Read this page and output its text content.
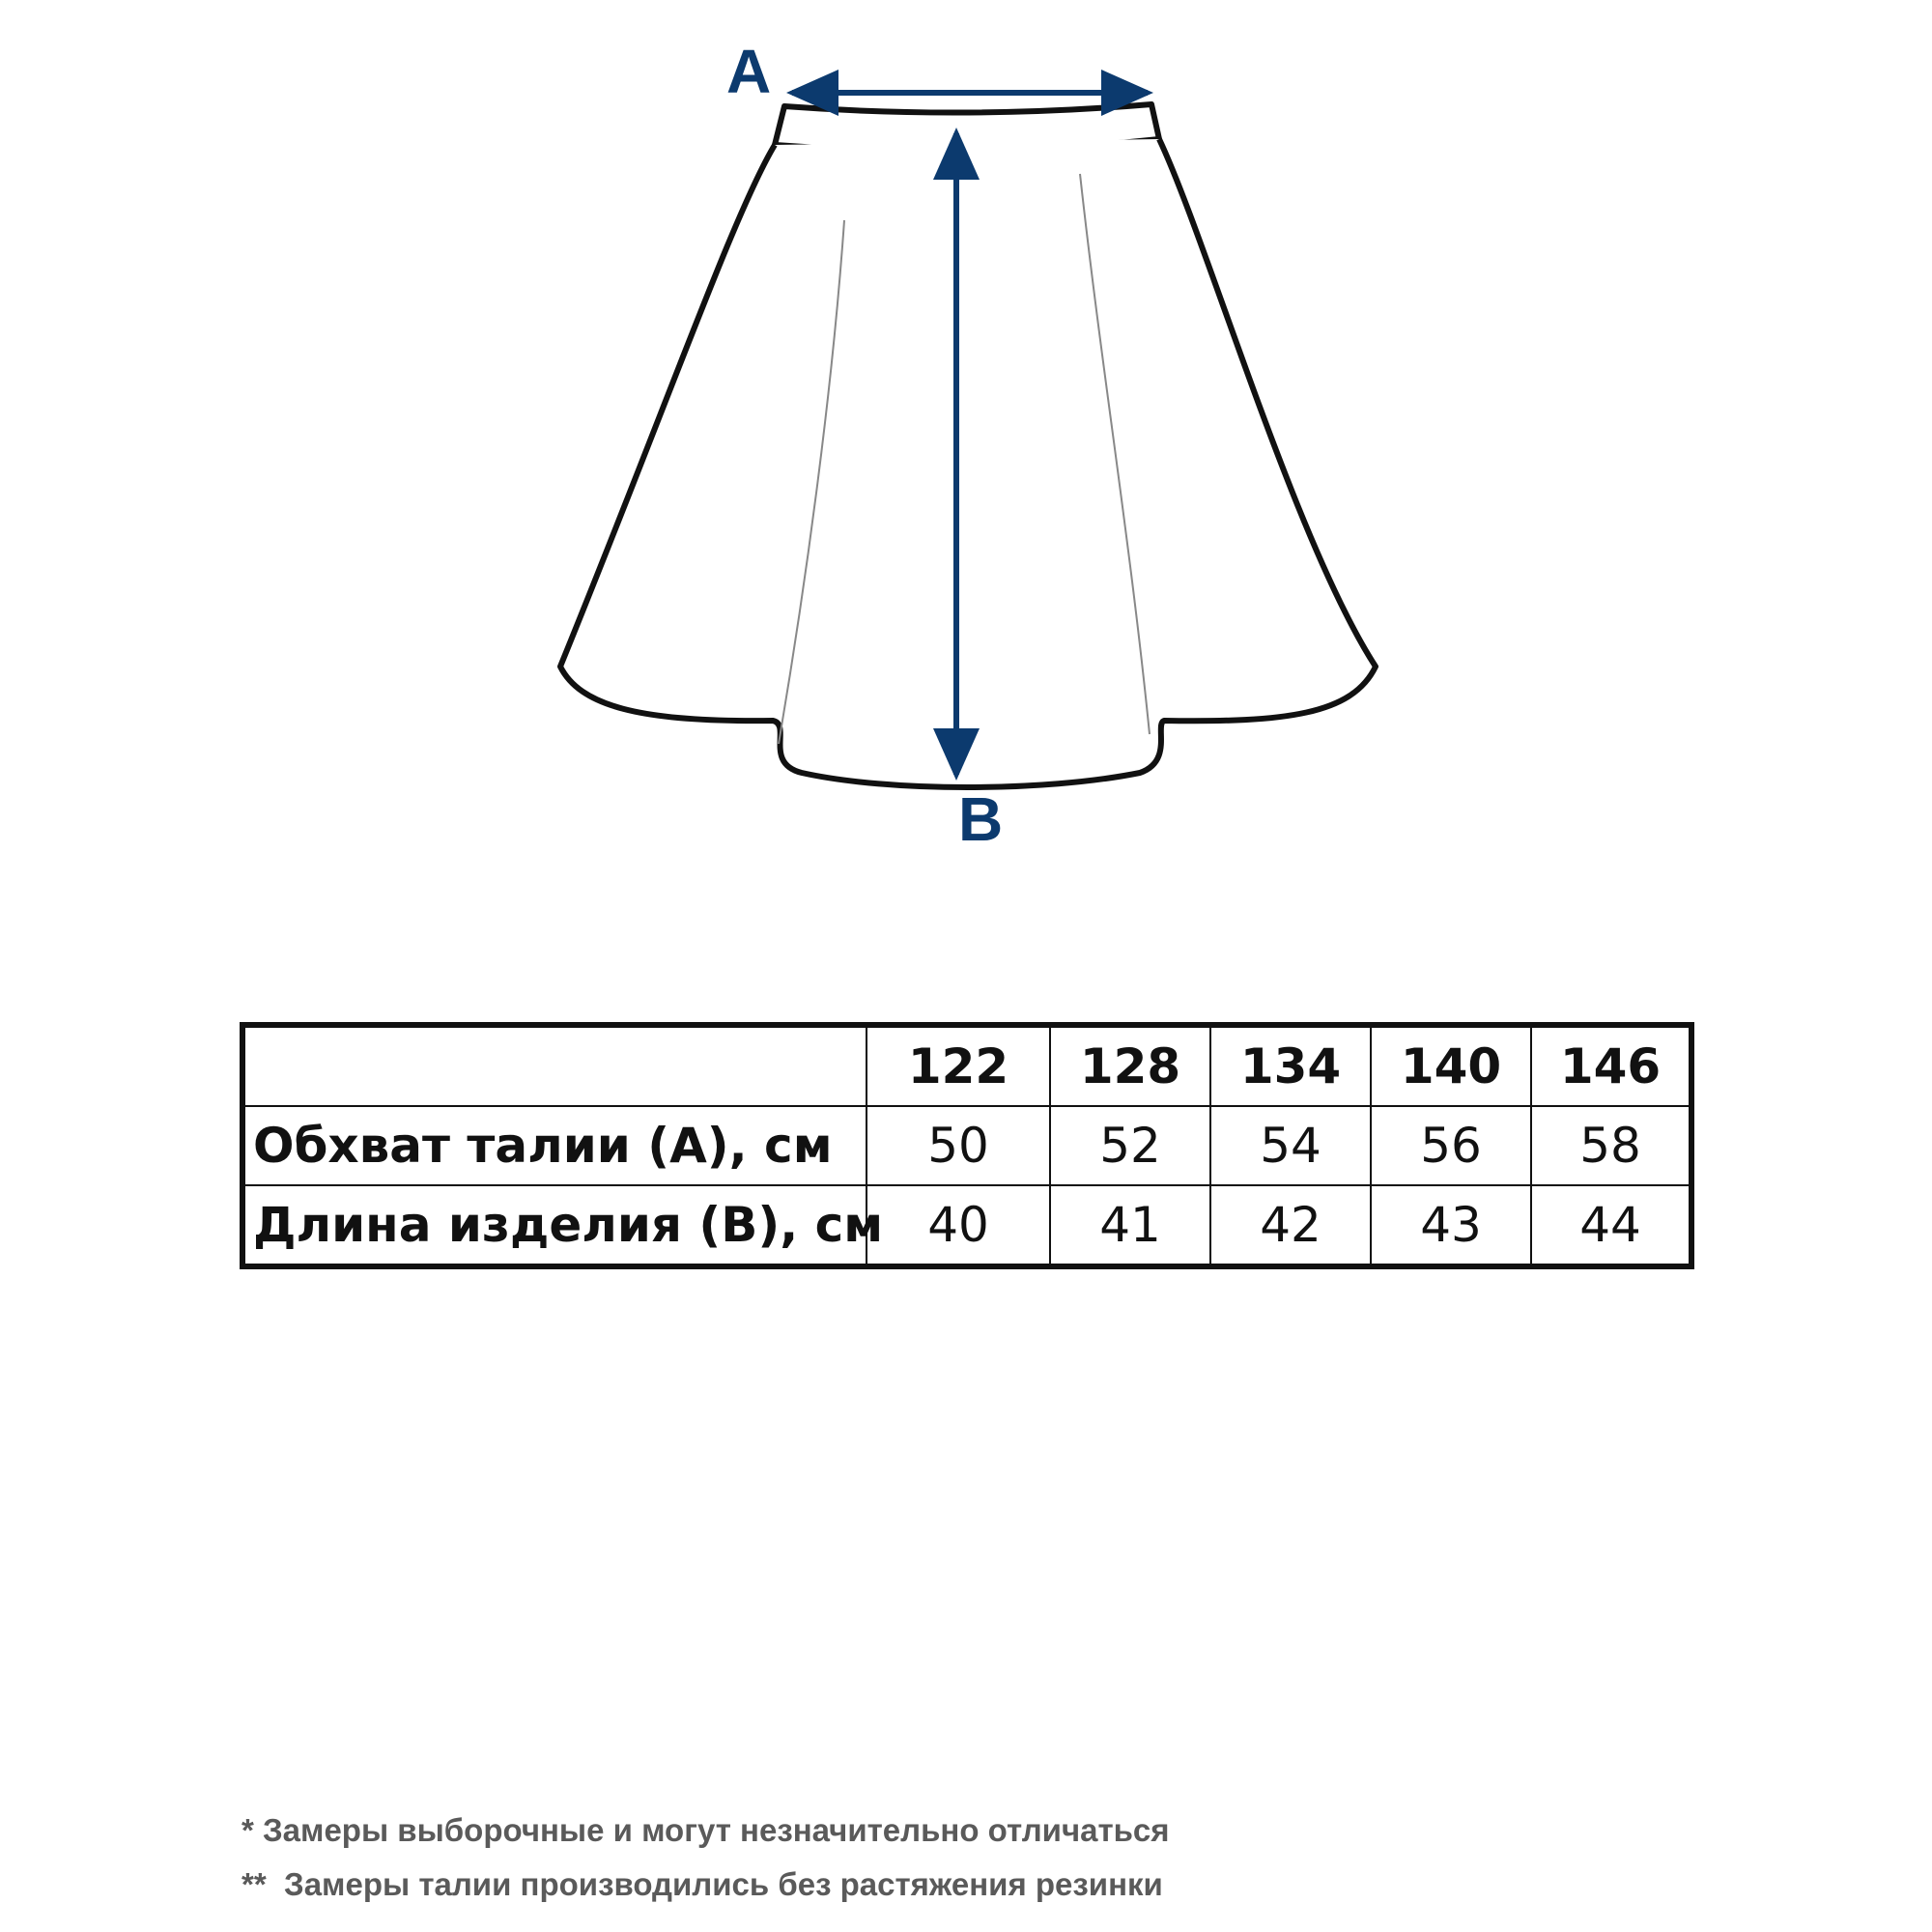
A
B
	122	128	134	140	146
Обхват талии (А), см	50	52	54	56	58
Длина изделия (В), см	40	41	42	43	44
* Замеры выборочные и могут незначительно отличаться
**  Замеры талии производились без растяжения резинки
